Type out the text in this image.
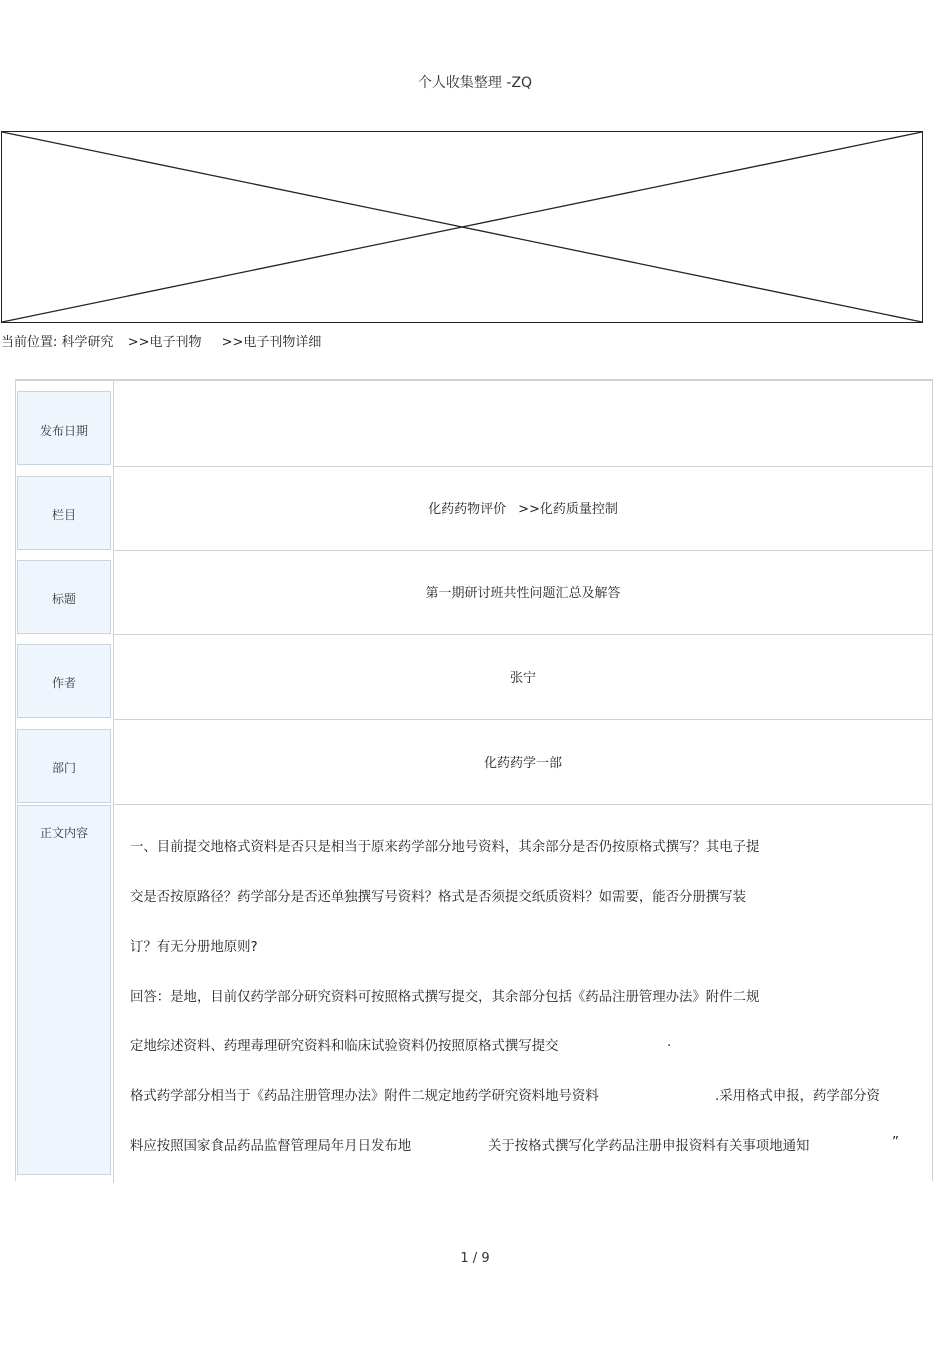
个人收集整理 -ZQ
当前位置: 科学研究 >>电子刊物 >>电子刊物详细
发布日期
栏目	化药药物评价 >>化药质量控制
标题	第一期研讨班共性问题汇总及解答
作者	张宁
部门	化药药学一部
正文内容
一、目前提交地格式资料是否只是相当于原来药学部分地号资料，其余部分是否仍按原格式撰写？其电子提
交是否按原路径？药学部分是否还单独撰写号资料？格式是否须提交纸质资料？如需要，能否分册撰写装
订？有无分册地原则?
回答：是地，目前仅药学部分研究资料可按照格式撰写提交，其余部分包括《药品注册管理办法》附件二规
定地综述资料、药理毒理研究资料和临床试验资料仍按照原格式撰写提交	.
格式药学部分相当于《药品注册管理办法》附件二规定地药学研究资料地号资料	.采用格式申报，药学部分资
料应按照国家食品药品监督管理局年月日发布地	关于按格式撰写化学药品注册申报资料有关事项地通知	”
1 / 9
